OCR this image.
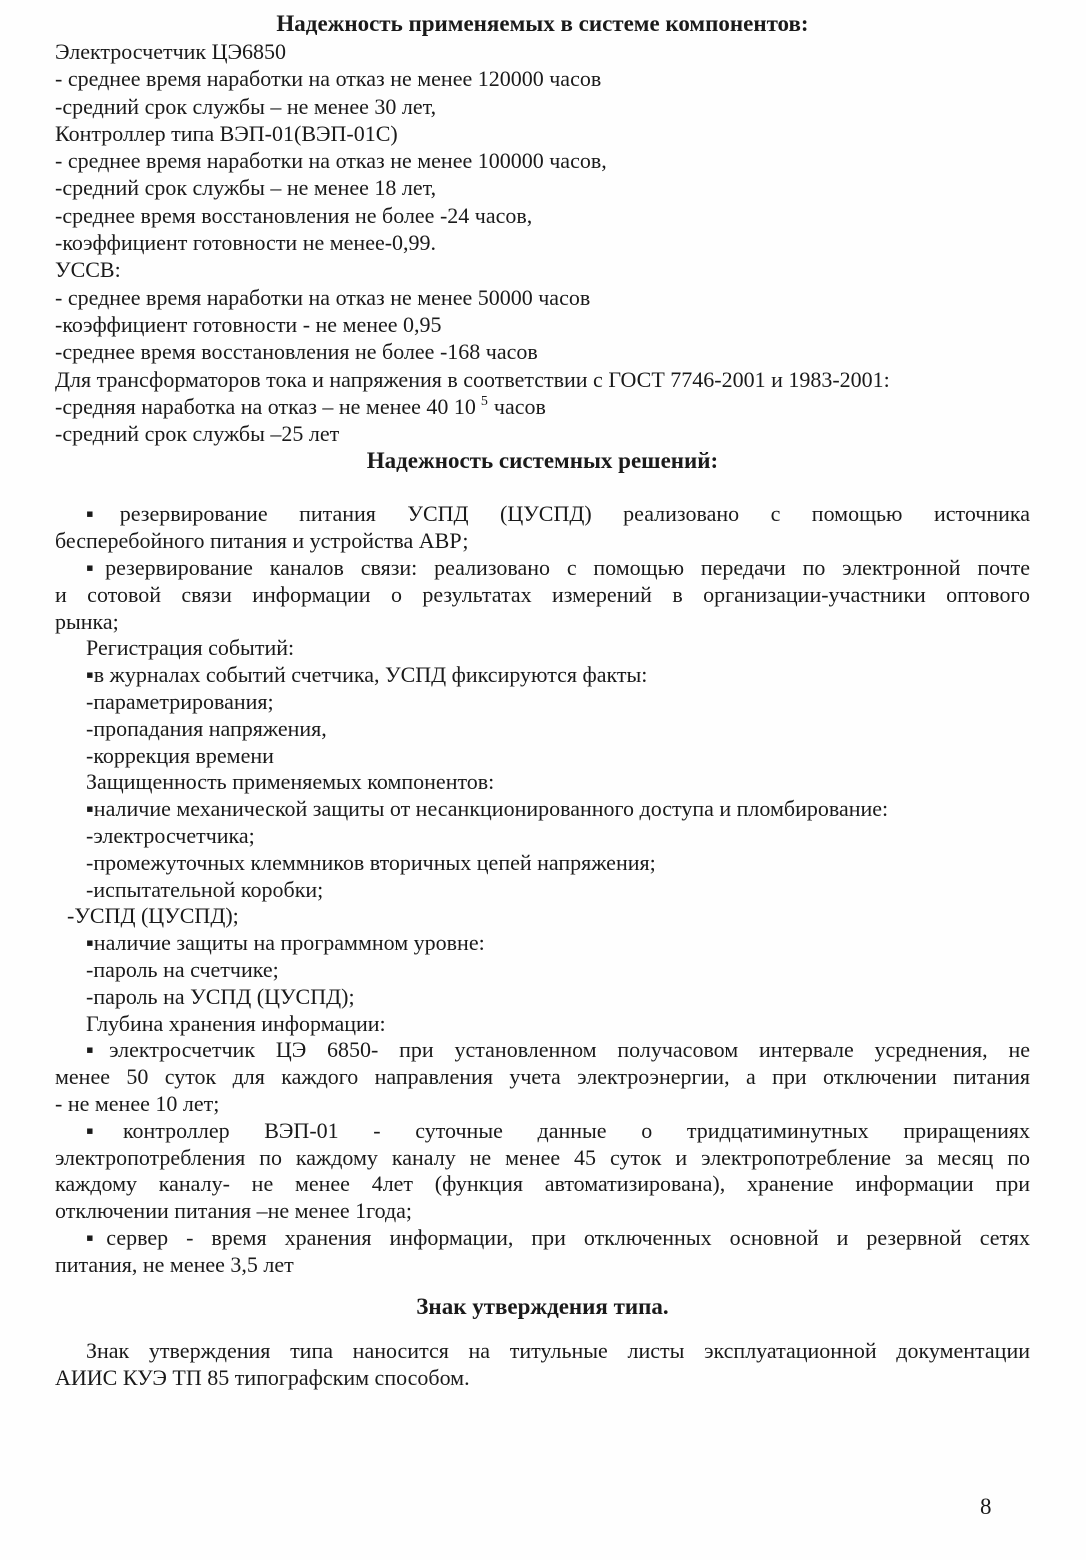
Надежность применяемых в системе компонентов:
Электросчетчик ЦЭ6850
- среднее время наработки на отказ не менее 120000 часов
-средний срок службы – не менее 30 лет,
Контроллер типа ВЭП-01(ВЭП-01С)
- среднее время наработки на отказ не менее 100000 часов,
-средний срок службы – не менее 18 лет,
-среднее время восстановления не более -24 часов,
-коэффициент готовности не менее-0,99.
УССВ:
- среднее время наработки на отказ не менее 50000 часов
-коэффициент готовности - не менее 0,95
-среднее время восстановления не более -168 часов
Для трансформаторов тока и напряжения в соответствии с ГОСТ 7746-2001 и 1983-2001:
-средняя наработка на отказ – не менее 40 10 $^5$ часов
-средний срок службы –25 лет
Надежность системных решений:
▪резервирование питания УСПД (ЦУСПД) реализовано с помощью источника
бесперебойного питания и устройства АВР;
▪резервирование каналов связи: реализовано с помощью передачи по электронной почте
и сотовой связи информации о результатах измерений в организации-участники оптового
рынка;
Регистрация событий:
▪в журналах событий счетчика, УСПД фиксируются факты:
-параметрирования;
-пропадания напряжения,
-коррекция времени
Защищенность применяемых компонентов:
▪наличие механической защиты от несанкционированного доступа и пломбирование:
-электросчетчика;
-промежуточных клеммников вторичных цепей напряжения;
-испытательной коробки;
-УСПД (ЦУСПД);
▪наличие защиты на программном уровне:
-пароль на счетчике;
-пароль на УСПД (ЦУСПД);
Глубина хранения информации:
▪электросчетчик ЦЭ 6850- при установленном получасовом интервале усреднения, не
менее 50 суток для каждого направления учета электроэнергии, а при отключении питания
- не менее 10 лет;
▪контроллер ВЭП-01 - суточные данные о тридцатиминутных приращениях
электропотребления по каждому каналу не менее 45 суток и электропотребление за месяц по
каждому каналу- не менее 4лет (функция автоматизирована), хранение информации при
отключении питания –не менее 1года;
▪сервер - время хранения информации, при отключенных основной и резервной сетях
питания, не менее 3,5 лет
Знак утверждения типа.
Знак утверждения типа наносится на титульные листы эксплуатационной документации
АИИС КУЭ ТП 85 типографским способом.
8
